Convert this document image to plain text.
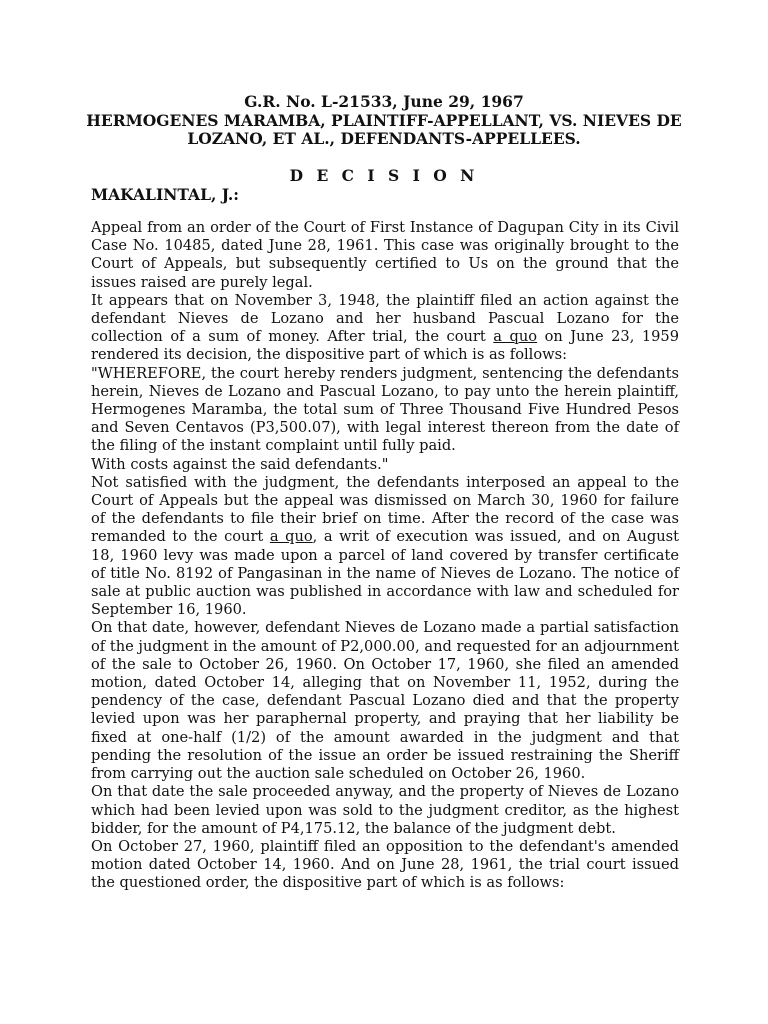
G.R. No. L-21533, June 29, 1967
HERMOGENES MARAMBA, PLAINTIFF-APPELLANT, VS. NIEVES DE
LOZANO, ET AL., DEFENDANTS-APPELLEES.
D E C I S I O N
MAKALINTAL, J.:

Appeal from an order of the Court of First Instance of Dagupan City in its Civil Case No. 10485, dated June 28, 1961. This case was originally brought to the Court of Appeals, but subsequently certified to Us on the ground that the issues raised are purely legal.

It appears that on November 3, 1948, the plaintiff filed an action against the defendant Nieves de Lozano and her husband Pascual Lozano for the collection of a sum of money. After trial, the court a quo on June 23, 1959 rendered its decision, the dispositive part of which is as follows:

"WHEREFORE, the court hereby renders judgment, sentencing the defendants herein, Nieves de Lozano and Pascual Lozano, to pay unto the herein plaintiff, Hermogenes Maramba, the total sum of Three Thousand Five Hundred Pesos and Seven Centavos (P3,500.07), with legal interest thereon from the date of the filing of the instant complaint until fully paid.

With costs against the said defendants."

Not satisfied with the judgment, the defendants interposed an appeal to the Court of Appeals but the appeal was dismissed on March 30, 1960 for failure of the defendants to file their brief on time. After the record of the case was remanded to the court a quo, a writ of execution was issued, and on August 18, 1960 levy was made upon a parcel of land covered by transfer certificate of title No. 8192 of Pangasinan in the name of Nieves de Lozano. The notice of sale at public auction was published in accordance with law and scheduled for September 16, 1960.

On that date, however, defendant Nieves de Lozano made a partial satisfaction of the judgment in the amount of P2,000.00, and requested for an adjournment of the sale to October 26, 1960. On October 17, 1960, she filed an amended motion, dated October 14, alleging that on November 11, 1952, during the pendency of the case, defendant Pascual Lozano died and that the property levied upon was her paraphernal property, and praying that her liability be fixed at one-half (1/2) of the amount awarded in the judgment and that pending the resolution of the issue an order be issued restraining the Sheriff from carrying out the auction sale scheduled on October 26, 1960.

On that date the sale proceeded anyway, and the property of Nieves de Lozano which had been levied upon was sold to the judgment creditor, as the highest bidder, for the amount of P4,175.12, the balance of the judgment debt.

On October 27, 1960, plaintiff filed an opposition to the defendant's amended motion dated October 14, 1960. And on June 28, 1961, the trial court issued the questioned order, the dispositive part of which is as follows:
